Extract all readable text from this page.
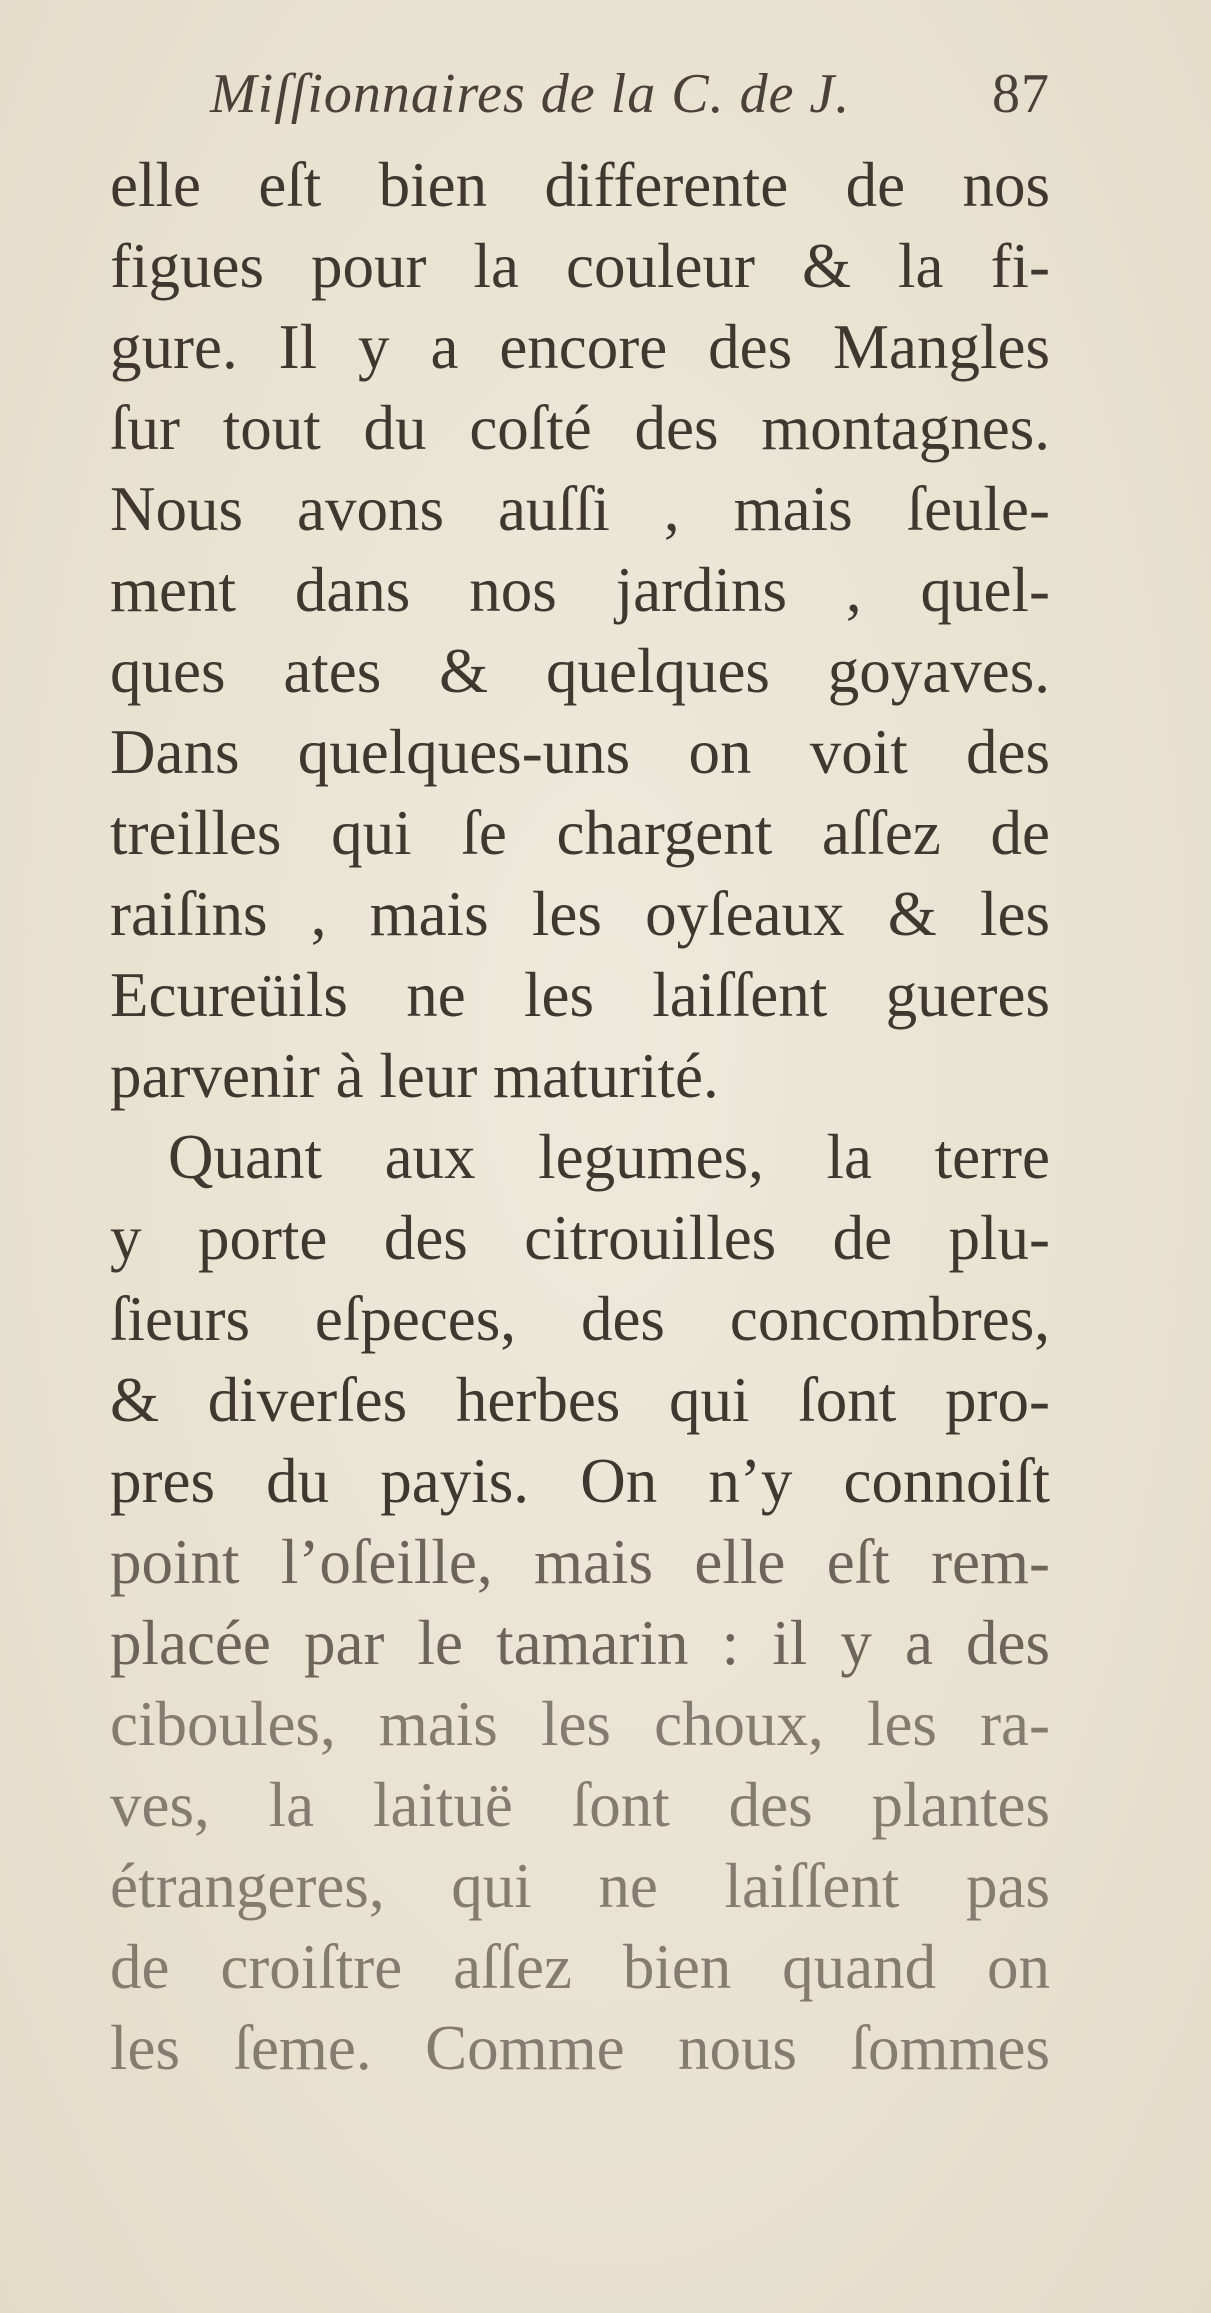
Miſſionnaires de la C. de J.	87
elle eſt bien differente de nos
figues pour la couleur & la fi-
gure. Il y a encore des Mangles
ſur tout du coſté des montagnes.
Nous avons auſſi , mais ſeule-
ment dans nos jardins , quel-
ques ates & quelques goyaves.
Dans quelques-uns on voit des
treilles qui ſe chargent aſſez de
raiſins , mais les oyſeaux & les
Ecureüils ne les laiſſent gueres
parvenir à leur maturité.
Quant aux legumes, la terre
y porte des citrouilles de plu-
ſieurs eſpeces, des concombres,
& diverſes herbes qui ſont pro-
pres du payis. On n’y connoiſt
point l’oſeille, mais elle eſt rem-
placée par le tamarin : il y a des
ciboules, mais les choux, les ra-
ves, la laituë ſont des plantes
étrangeres, qui ne laiſſent pas
de croiſtre aſſez bien quand on
les ſeme. Comme nous ſommes
